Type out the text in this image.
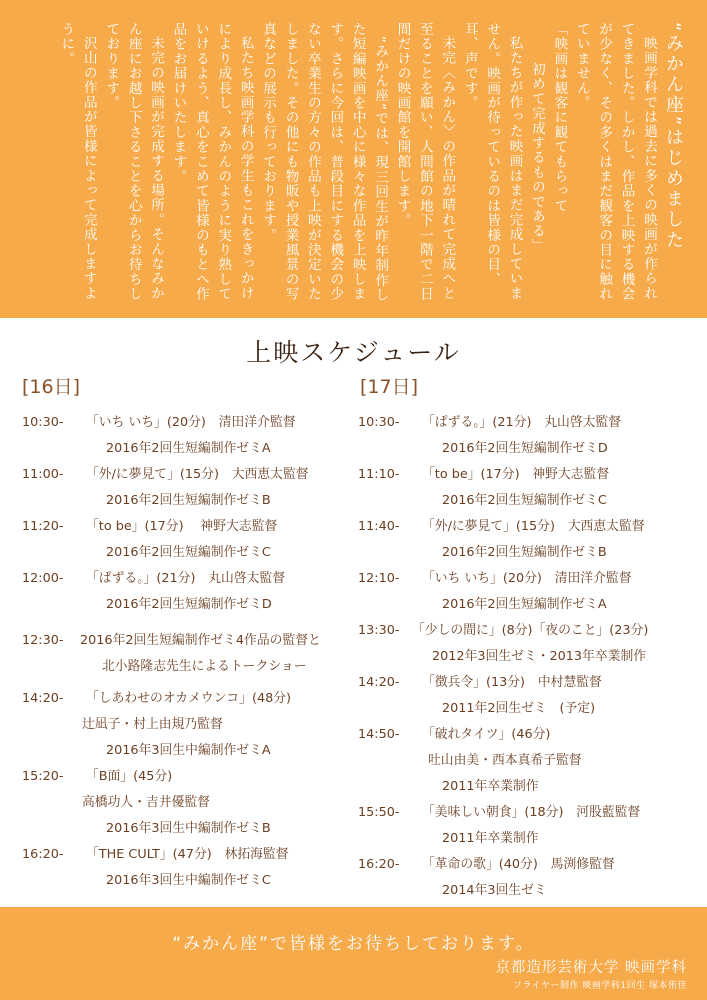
“みかん座”はじめました
映画学科では過去に多くの映画が作られてきました。しかし、作品を上映する機会が少なく、その多くはまだ観客の目に触れていません。
「映画は観客に観てもらって
初めて完成するものである」
私たちが作った映画はまだ完成していません。映画が待っているのは皆様の目、耳、声です。
未完〈みかん〉の作品が晴れて完成へと至ることを願い、人間館の地下一階で二日間だけの映画館を開館します。
“みかん座”では、現三回生が昨年制作した短編映画を中心に様々な作品を上映します。さらに今回は、普段目にする機会の少ない卒業生の方々の作品も上映が決定いたしました。その他にも物販や授業風景の写真などの展示も行っております。
私たち映画学科の学生もこれをきっかけにより成長し、みかんのように実り熟していけるよう、真心をこめて皆様のもとへ作品をお届けいたします。
未完の映画が完成する場所。そんなみかん座にお越し下さることを心からお待ちしております。
沢山の作品が皆様によって完成しますように。
上映スケジュール
[16日]	[17日]
10:30- 「いち いち」(20分)　清田洋介監督
2016年2回生短編制作ゼミA
11:00- 「外/に夢見て」(15分)　大西恵太監督
2016年2回生短編制作ゼミB
11:20- 「to be」(17分)　 神野大志監督
2016年2回生短編制作ゼミC
12:00- 「ぱずる。」(21分)　丸山啓太監督
2016年2回生短編制作ゼミD
12:30- 2016年2回生短編制作ゼミ4作品の監督と
北小路隆志先生によるトークショー
14:20- 「しあわせのオカメウンコ」(48分)
辻凪子・村上由規乃監督
2016年3回生中編制作ゼミA
15:20- 「B面」(45分)
高橋功人・吉井優監督
2016年3回生中編制作ゼミB
16:20- 「THE CULT」(47分)　林拓海監督
2016年3回生中編制作ゼミC
10:30- 「ぱずる。」(21分)　丸山啓太監督
2016年2回生短編制作ゼミD
11:10- 「to be」(17分)　神野大志監督
2016年2回生短編制作ゼミC
11:40- 「外/に夢見て」(15分)　大西恵太監督
2016年2回生短編制作ゼミB
12:10- 「いち いち」(20分)　清田洋介監督
2016年2回生短編制作ゼミA
13:30- 「少しの間に」(8分)「夜のこと」(23分)
2012年3回生ゼミ・2013年卒業制作
14:20- 「徴兵令」(13分)　中村慧監督
2011年2回生ゼミ　(予定)
14:50- 「破れタイツ」(46分)
吐山由美・西本真希子監督
2011年卒業制作
15:50- 「美味しい朝食」(18分)　河股藍監督
2011年卒業制作
16:20- 「革命の歌」(40分)　馬渕修監督
2014年3回生ゼミ
“みかん座”で皆様をお待ちしております。
京都造形芸術大学 映画学科
フライヤー制作 映画学科1回生 塚本侑佳
